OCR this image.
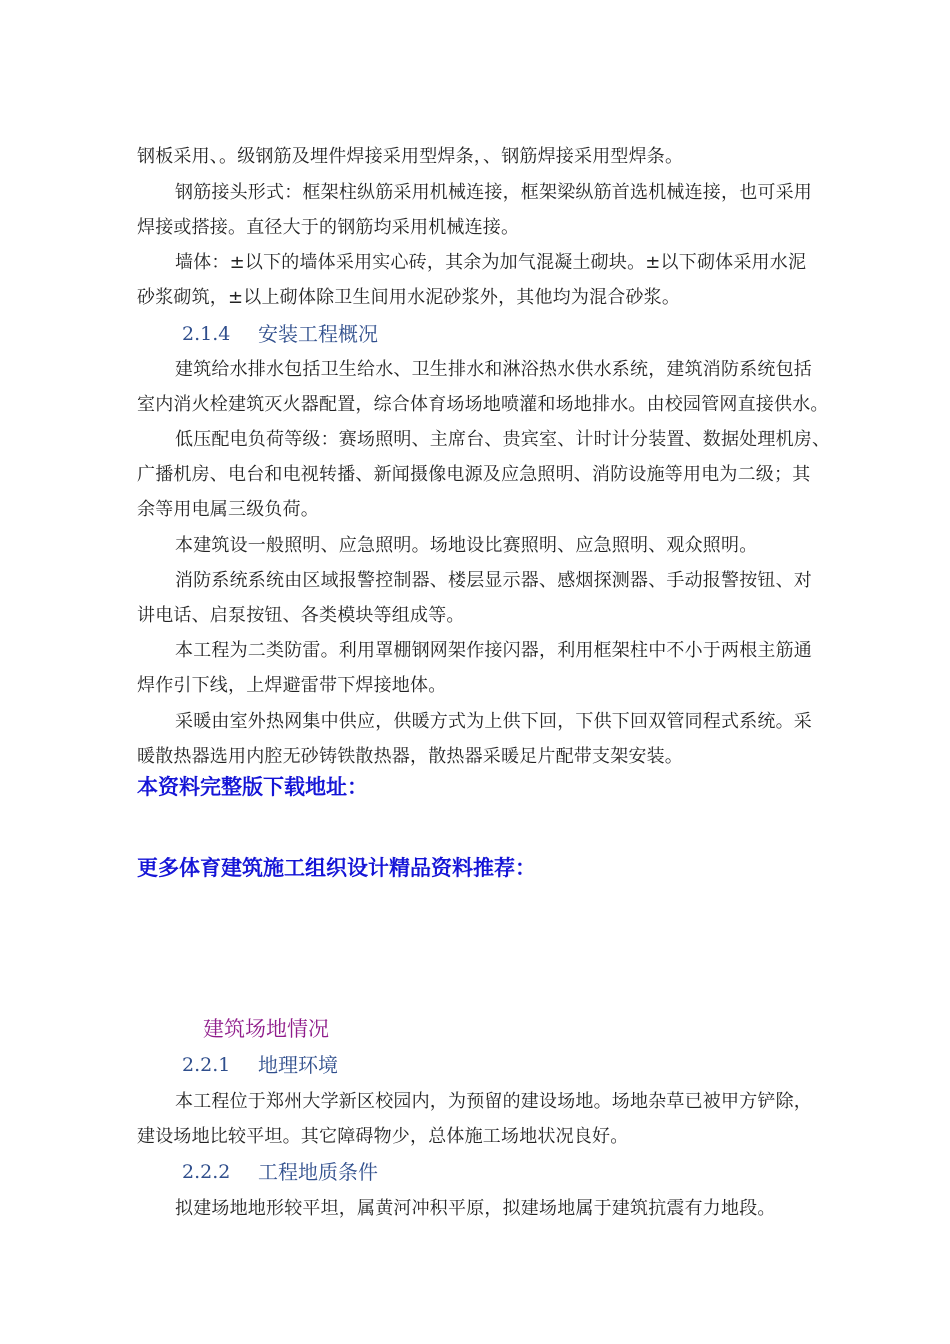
钢板采用、。级钢筋及埋件焊接采用型焊条，、钢筋焊接采用型焊条。
钢筋接头形式：框架柱纵筋采用机械连接，框架梁纵筋首选机械连接，也可采用
焊接或搭接。直径大于的钢筋均采用机械连接。
墙体：±以下的墙体采用实心砖，其余为加气混凝土砌块。±以下砌体采用水泥
砂浆砌筑，±以上砌体除卫生间用水泥砂浆外，其他均为混合砂浆。
2.1.4 安装工程概况
建筑给水排水包括卫生给水、卫生排水和淋浴热水供水系统，建筑消防系统包括
室内消火栓建筑灭火器配置，综合体育场场地喷灌和场地排水。由校园管网直接供水。
低压配电负荷等级：赛场照明、主席台、贵宾室、计时计分装置、数据处理机房、
广播机房、电台和电视转播、新闻摄像电源及应急照明、消防设施等用电为二级；其
余等用电属三级负荷。
本建筑设一般照明、应急照明。场地设比赛照明、应急照明、观众照明。
消防系统系统由区域报警控制器、楼层显示器、感烟探测器、手动报警按钮、对
讲电话、启泵按钮、各类模块等组成等。
本工程为二类防雷。利用罩棚钢网架作接闪器，利用框架柱中不小于两根主筋通
焊作引下线，上焊避雷带下焊接地体。
采暖由室外热网集中供应，供暖方式为上供下回，下供下回双管同程式系统。采
暖散热器选用内腔无砂铸铁散热器，散热器采暖足片配带支架安装。
本资料完整版下载地址：
更多体育建筑施工组织设计精品资料推荐：
建筑场地情况
2.2.1 地理环境
本工程位于郑州大学新区校园内，为预留的建设场地。场地杂草已被甲方铲除，
建设场地比较平坦。其它障碍物少，总体施工场地状况良好。
2.2.2 工程地质条件
拟建场地地形较平坦，属黄河冲积平原，拟建场地属于建筑抗震有力地段。
